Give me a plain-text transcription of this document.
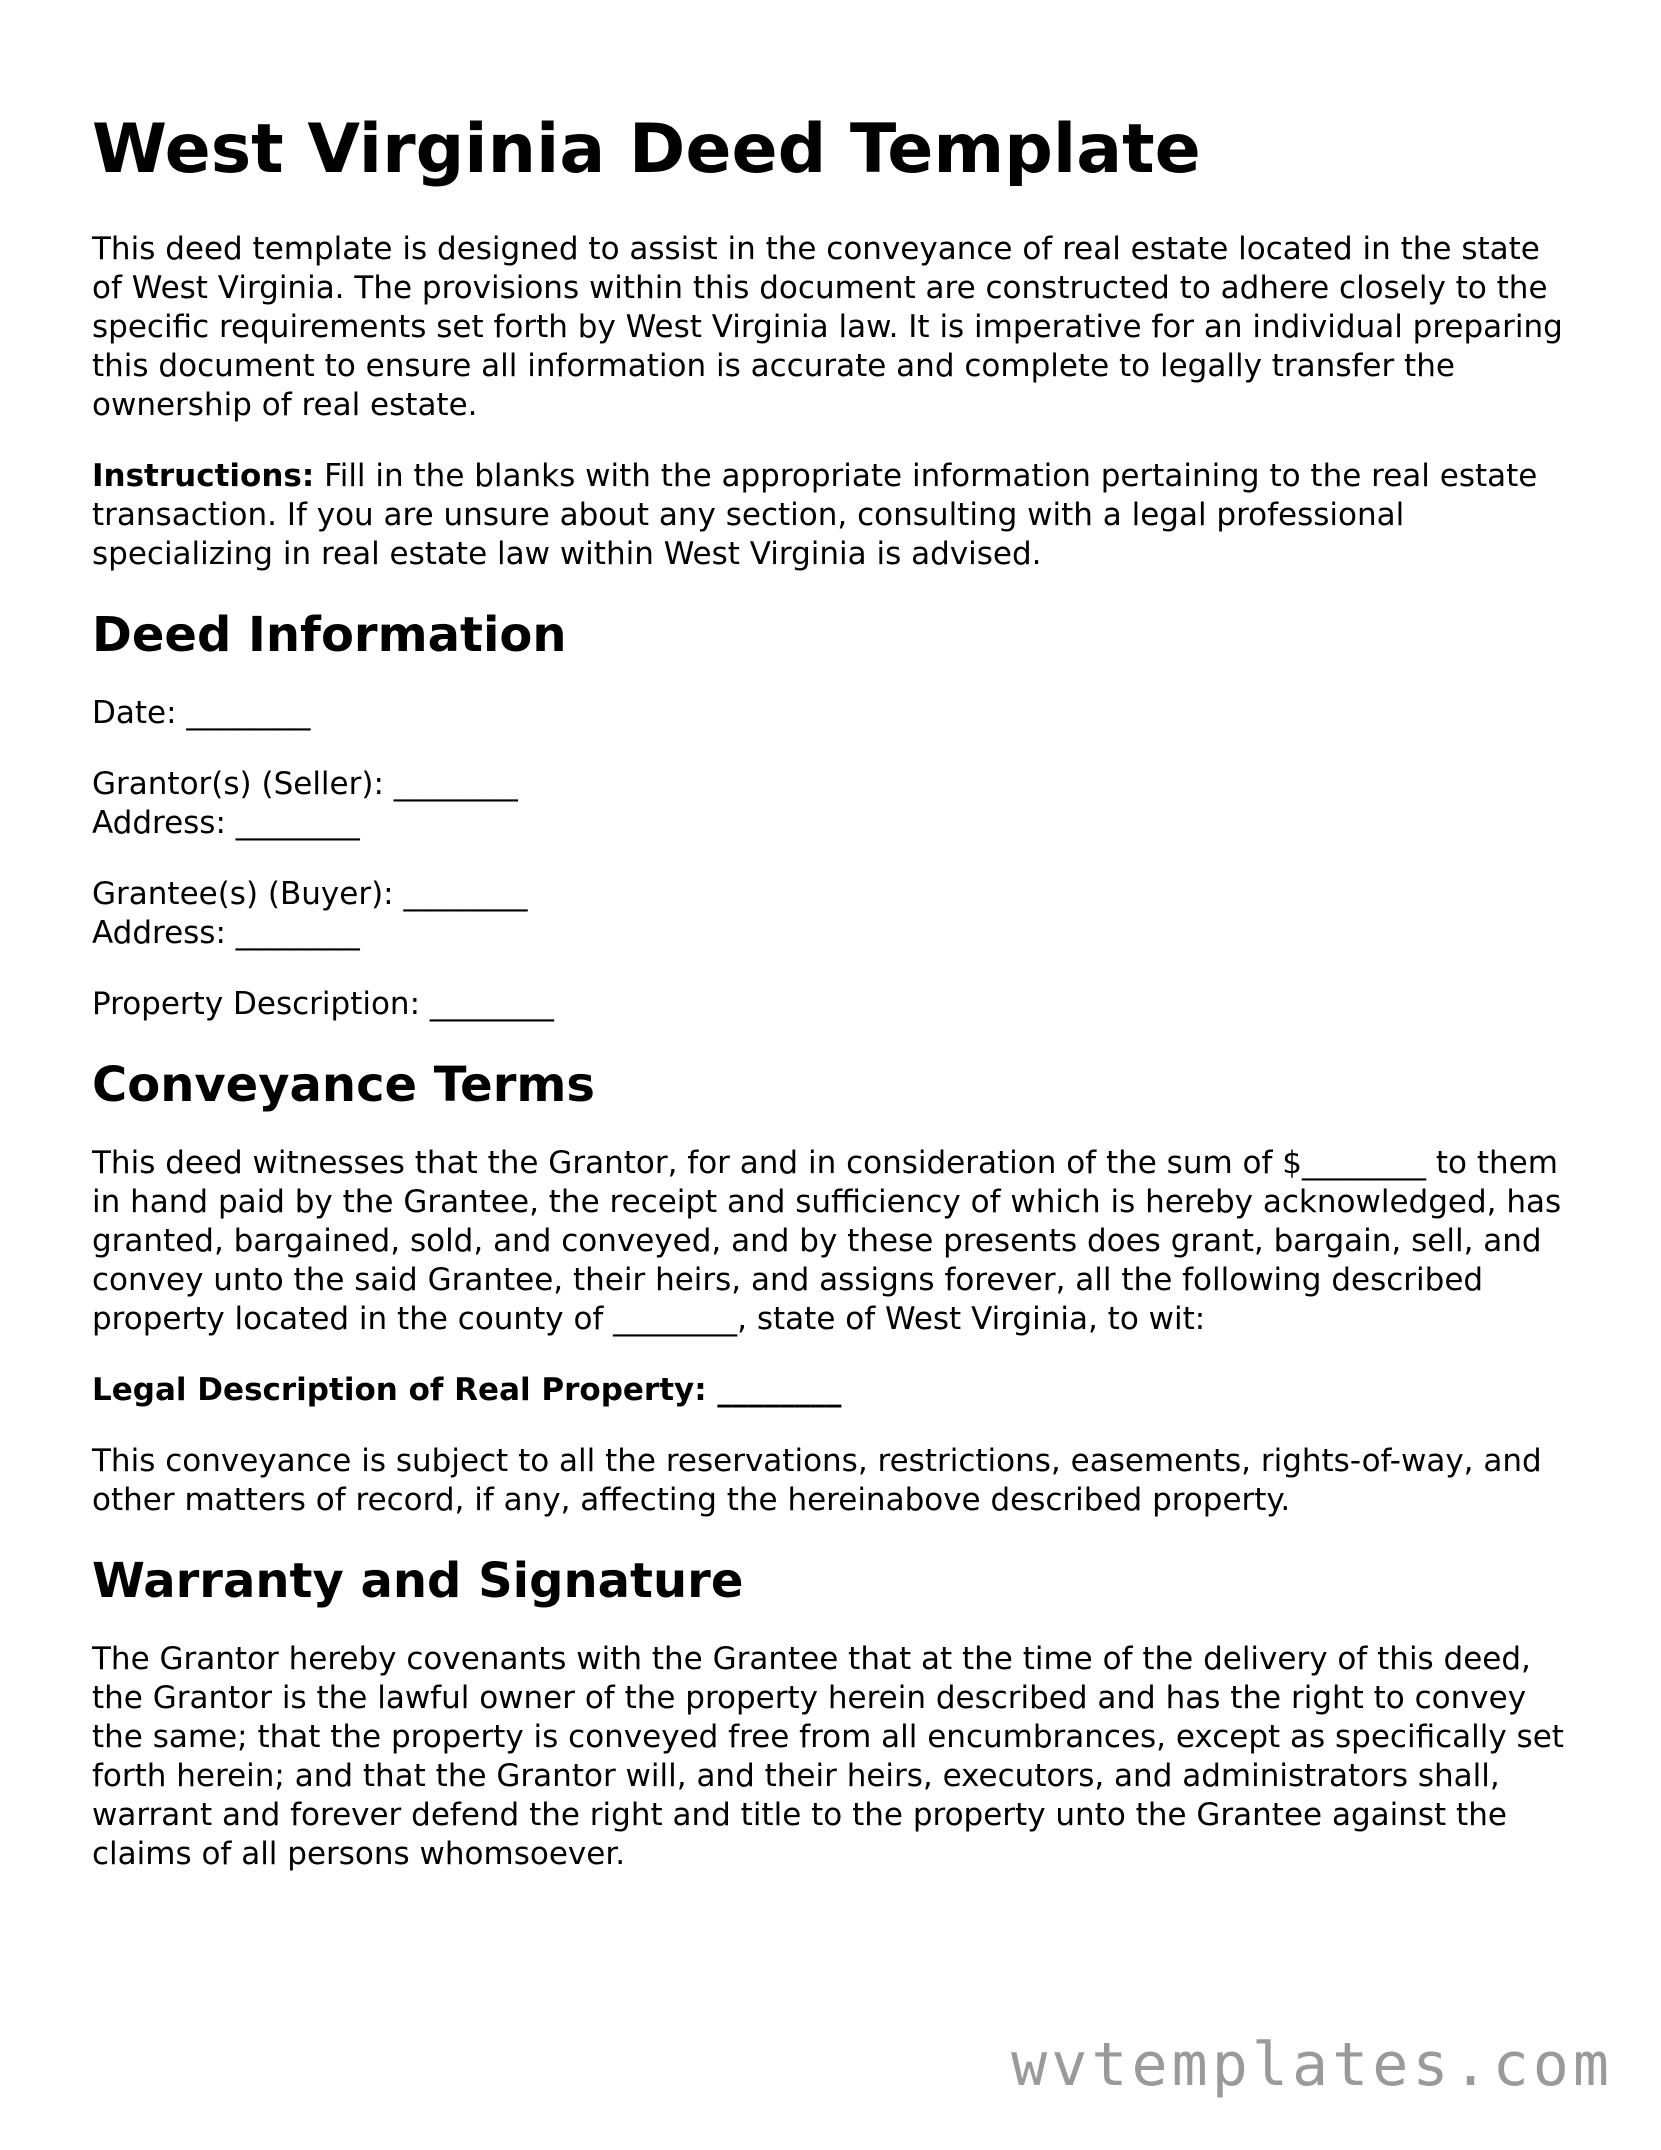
West Virginia Deed Template

This deed template is designed to assist in the conveyance of real estate located in the state of West Virginia. The provisions within this document are constructed to adhere closely to the specific requirements set forth by West Virginia law. It is imperative for an individual preparing this document to ensure all information is accurate and complete to legally transfer the ownership of real estate.

Instructions: Fill in the blanks with the appropriate information pertaining to the real estate transaction. If you are unsure about any section, consulting with a legal professional specializing in real estate law within West Virginia is advised.

Deed Information
Date: ________
Grantor(s) (Seller): ________
Address: ________
Grantee(s) (Buyer): ________
Address: ________
Property Description: ________
Conveyance Terms

This deed witnesses that the Grantor, for and in consideration of the sum of $________ to them in hand paid by the Grantee, the receipt and sufficiency of which is hereby acknowledged, has granted, bargained, sold, and conveyed, and by these presents does grant, bargain, sell, and convey unto the said Grantee, their heirs, and assigns forever, all the following described property located in the county of ________, state of West Virginia, to wit:

Legal Description of Real Property: ________

This conveyance is subject to all the reservations, restrictions, easements, rights-of-way, and other matters of record, if any, affecting the hereinabove described property.

Warranty and Signature

The Grantor hereby covenants with the Grantee that at the time of the delivery of this deed, the Grantor is the lawful owner of the property herein described and has the right to convey the same; that the property is conveyed free from all encumbrances, except as specifically set forth herein; and that the Grantor will, and their heirs, executors, and administrators shall, warrant and forever defend the right and title to the property unto the Grantee against the claims of all persons whomsoever.

wvtemplates.com
